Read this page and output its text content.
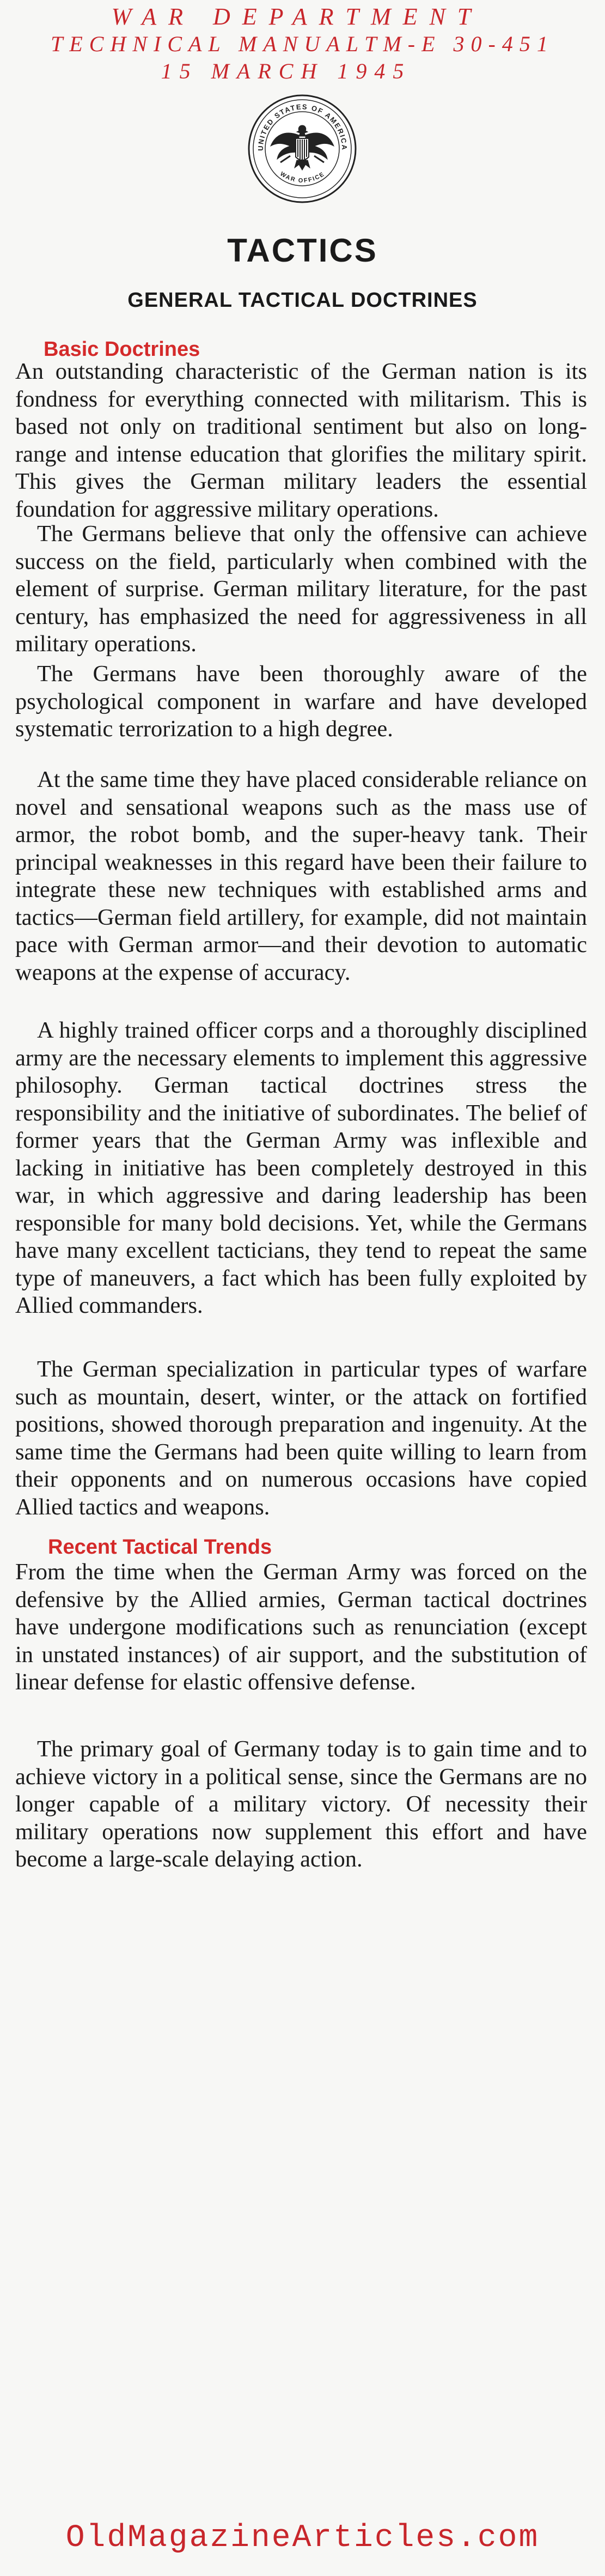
WAR DEPARTMENT
TECHNICAL MANUALTM-E 30-451
15 MARCH 1945
UNITED STATES OF AMERICA
WAR OFFICE
TACTICS
GENERAL TACTICAL DOCTRINES
Basic Doctrines

An outstanding characteristic of the German nation is its fondness for everything connected with militarism. This is based not only on traditional sentiment but also on long-range and intense education that glorifies the military spirit. This gives the German military leaders the essential foundation for aggressive military operations.

The Germans believe that only the offensive can achieve success on the field, particularly when combined with the element of surprise. German military literature, for the past century, has emphasized the need for aggressiveness in all military operations.

The Germans have been thoroughly aware of the psychological component in warfare and have developed systematic terrorization to a high degree.

At the same time they have placed considerable reliance on novel and sensational weapons such as the mass use of armor, the robot bomb, and the super-heavy tank. Their principal weaknesses in this regard have been their failure to integrate these new techniques with established arms and tactics—German field artillery, for example, did not maintain pace with German armor—and their devotion to automatic weapons at the expense of accuracy.

A highly trained officer corps and a thoroughly disciplined army are the necessary elements to implement this aggressive philosophy. German tactical doctrines stress the responsibility and the initiative of subordinates. The belief of former years that the German Army was inflexible and lacking in initiative has been completely destroyed in this war, in which aggressive and daring leadership has been responsible for many bold decisions. Yet, while the Germans have many excellent tacticians, they tend to repeat the same type of maneuvers, a fact which has been fully exploited by Allied commanders.

The German specialization in particular types of warfare such as mountain, desert, winter, or the attack on fortified positions, showed thorough preparation and ingenuity. At the same time the Germans had been quite willing to learn from their opponents and on numerous occasions have copied Allied tactics and weapons.

Recent Tactical Trends

From the time when the German Army was forced on the defensive by the Allied armies, German tactical doctrines have undergone modifications such as renunciation (except in unstated instances) of air support, and the substitution of linear defense for elastic offensive defense.

The primary goal of Germany today is to gain time and to achieve victory in a political sense, since the Germans are no longer capable of a military victory. Of necessity their military operations now supplement this effort and have become a large-scale delaying action.

OldMagazineArticles.com
